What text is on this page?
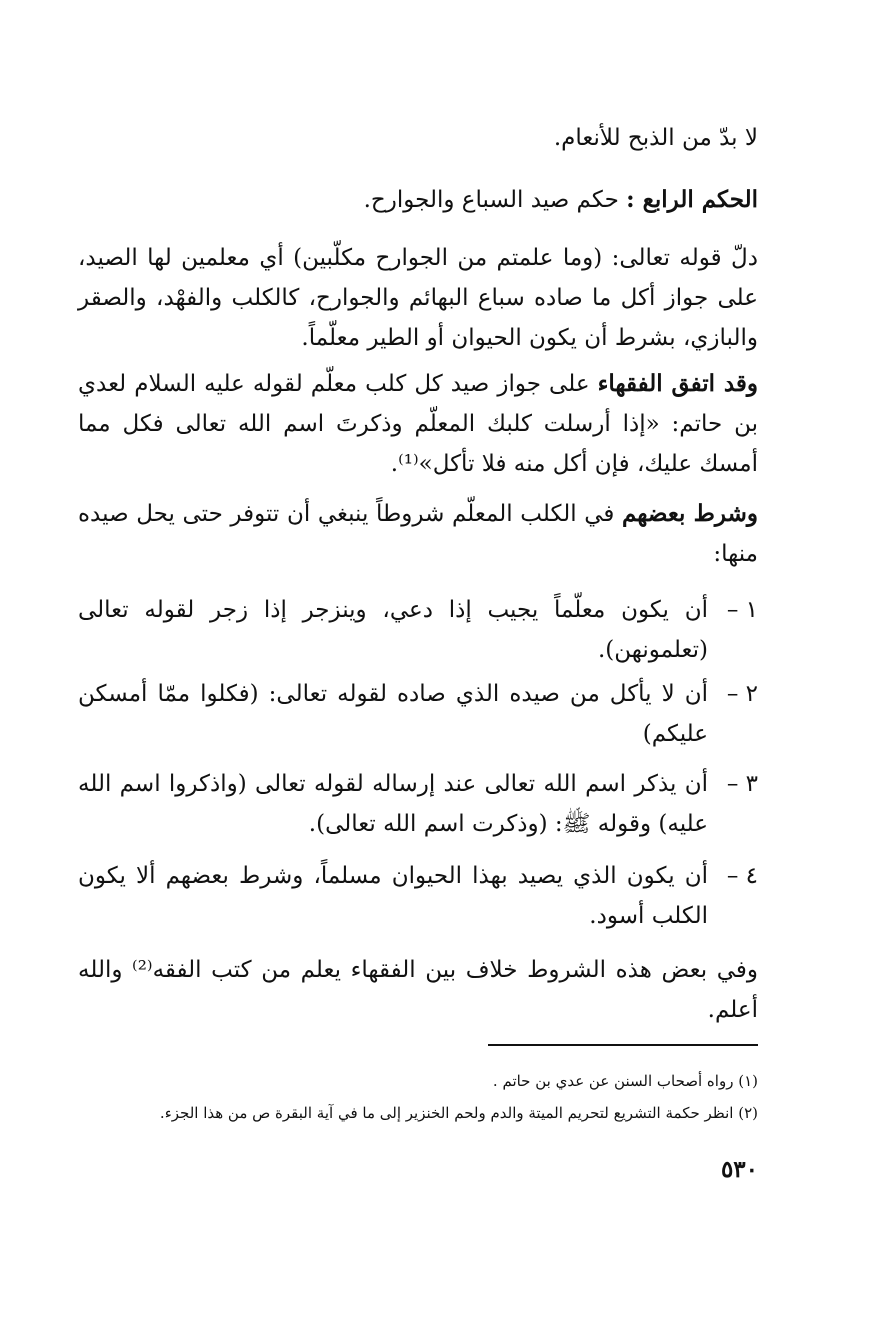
لا بدّ من الذبح للأنعام.

الحكم الرابع : حكم صيد السباع والجوارح.

دلّ قوله تعالى: (وما علمتم من الجوارح مكلّبين) أي معلمين لها الصيد، على جواز أكل ما صاده سباع البهائم والجوارح، كالكلب والفهْد، والصقر والبازي، بشرط أن يكون الحيوان أو الطير معلّماً.

وقد اتفق الفقهاء على جواز صيد كل كلب معلّم لقوله عليه السلام لعدي بن حاتم: «إذا أرسلت كلبك المعلّم وذكرتَ اسم الله تعالى فكل مما أمسك عليك، فإن أكل منه فلا تأكل»⁽¹⁾.

وشرط بعضهم في الكلب المعلّم شروطاً ينبغي أن تتوفر حتى يحل صيده منها:

١ –
أن يكون معلّماً يجيب إذا دعي، وينزجر إذا زجر لقوله تعالى (تعلمونهن).
٢ –
أن لا يأكل من صيده الذي صاده لقوله تعالى: (فكلوا ممّا أمسكن عليكم)
٣ –
أن يذكر اسم الله تعالى عند إرساله لقوله تعالى (واذكروا اسم الله عليه) وقوله ﷺ: (وذكرت اسم الله تعالى).
٤ –
أن يكون الذي يصيد بهذا الحيوان مسلماً، وشرط بعضهم ألا يكون الكلب أسود.

وفي بعض هذه الشروط خلاف بين الفقهاء يعلم من كتب الفقه⁽²⁾ والله أعلم.

(١) رواه أصحاب السنن عن عدي بن حاتم .
(٢) انظر حكمة التشريع لتحريم الميتة والدم ولحم الخنزير إلى ما في آية البقرة ص من هذا الجزء.
٥٣٠
